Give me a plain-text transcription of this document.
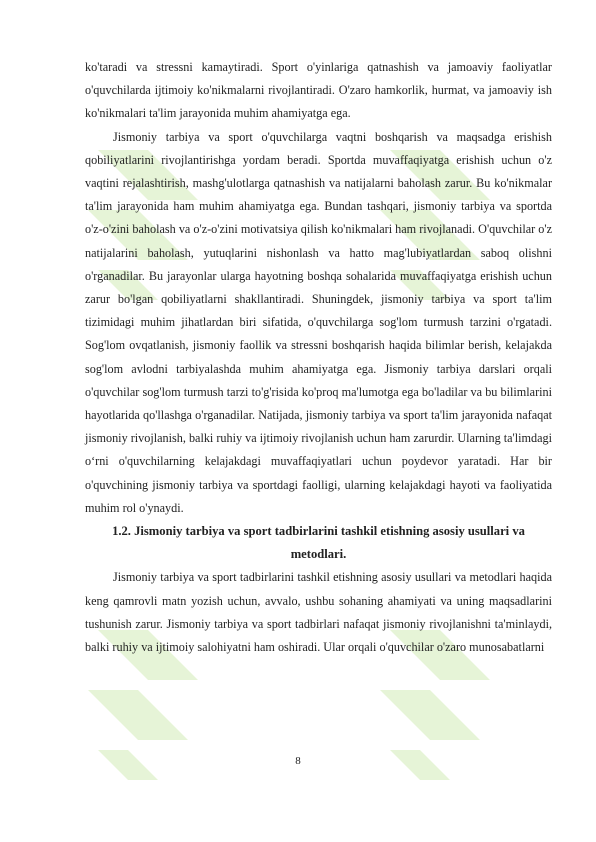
ko'taradi va stressni kamaytiradi. Sport o'yinlariga qatnashish va jamoaviy faoliyatlar o'quvchilarda ijtimoiy ko'nikmalarni rivojlantiradi. O'zaro hamkorlik, hurmat, va jamoaviy ish ko'nikmalari ta'lim jarayonida muhim ahamiyatga ega.

Jismoniy tarbiya va sport o'quvchilarga vaqtni boshqarish va maqsadga erishish qobiliyatlarini rivojlantirishga yordam beradi. Sportda muvaffaqiyatga erishish uchun o'z vaqtini rejalashtirish, mashg'ulotlarga qatnashish va natijalarni baholash zarur. Bu ko'nikmalar ta'lim jarayonida ham muhim ahamiyatga ega. Bundan tashqari, jismoniy tarbiya va sportda o'z-o'zini baholash va o'z-o'zini motivatsiya qilish ko'nikmalari ham rivojlanadi. O'quvchilar o'z natijalarini baholash, yutuqlarini nishonlash va hatto mag'lubiyatlardan saboq olishni o'rganadilar. Bu jarayonlar ularga hayotning boshqa sohalarida muvaffaqiyatga erishish uchun zarur bo'lgan qobiliyatlarni shakllantiradi. Shuningdek, jismoniy tarbiya va sport ta'lim tizimidagi muhim jihatlardan biri sifatida, o'quvchilarga sog'lom turmush tarzini o'rgatadi. Sog'lom ovqatlanish, jismoniy faollik va stressni boshqarish haqida bilimlar berish, kelajakda sog'lom avlodni tarbiyalashda muhim ahamiyatga ega. Jismoniy tarbiya darslari orqali o'quvchilar sog'lom turmush tarzi to'g'risida ko'proq ma'lumotga ega bo'ladilar va bu bilimlarini hayotlarida qo'llashga o'rganadilar. Natijada, jismoniy tarbiya va sport ta'lim jarayonida nafaqat jismoniy rivojlanish, balki ruhiy va ijtimoiy rivojlanish uchun ham zarurdir. Ularning ta'limdagi o‘rni o'quvchilarning kelajakdagi muvaffaqiyatlari uchun poydevor yaratadi. Har bir o'quvchining jismoniy tarbiya va sportdagi faolligi, ularning kelajakdagi hayoti va faoliyatida muhim rol o'ynaydi.

1.2. Jismoniy tarbiya va sport tadbirlarini tashkil etishning asosiy usullari va metodlari.

Jismoniy tarbiya va sport tadbirlarini tashkil etishning asosiy usullari va metodlari haqida keng qamrovli matn yozish uchun, avvalo, ushbu sohaning ahamiyati va uning maqsadlarini tushunish zarur. Jismoniy tarbiya va sport tadbirlari nafaqat jismoniy rivojlanishni ta'minlaydi, balki ruhiy va ijtimoiy salohiyatni ham oshiradi. Ular orqali o'quvchilar o'zaro munosabatlarni

8
